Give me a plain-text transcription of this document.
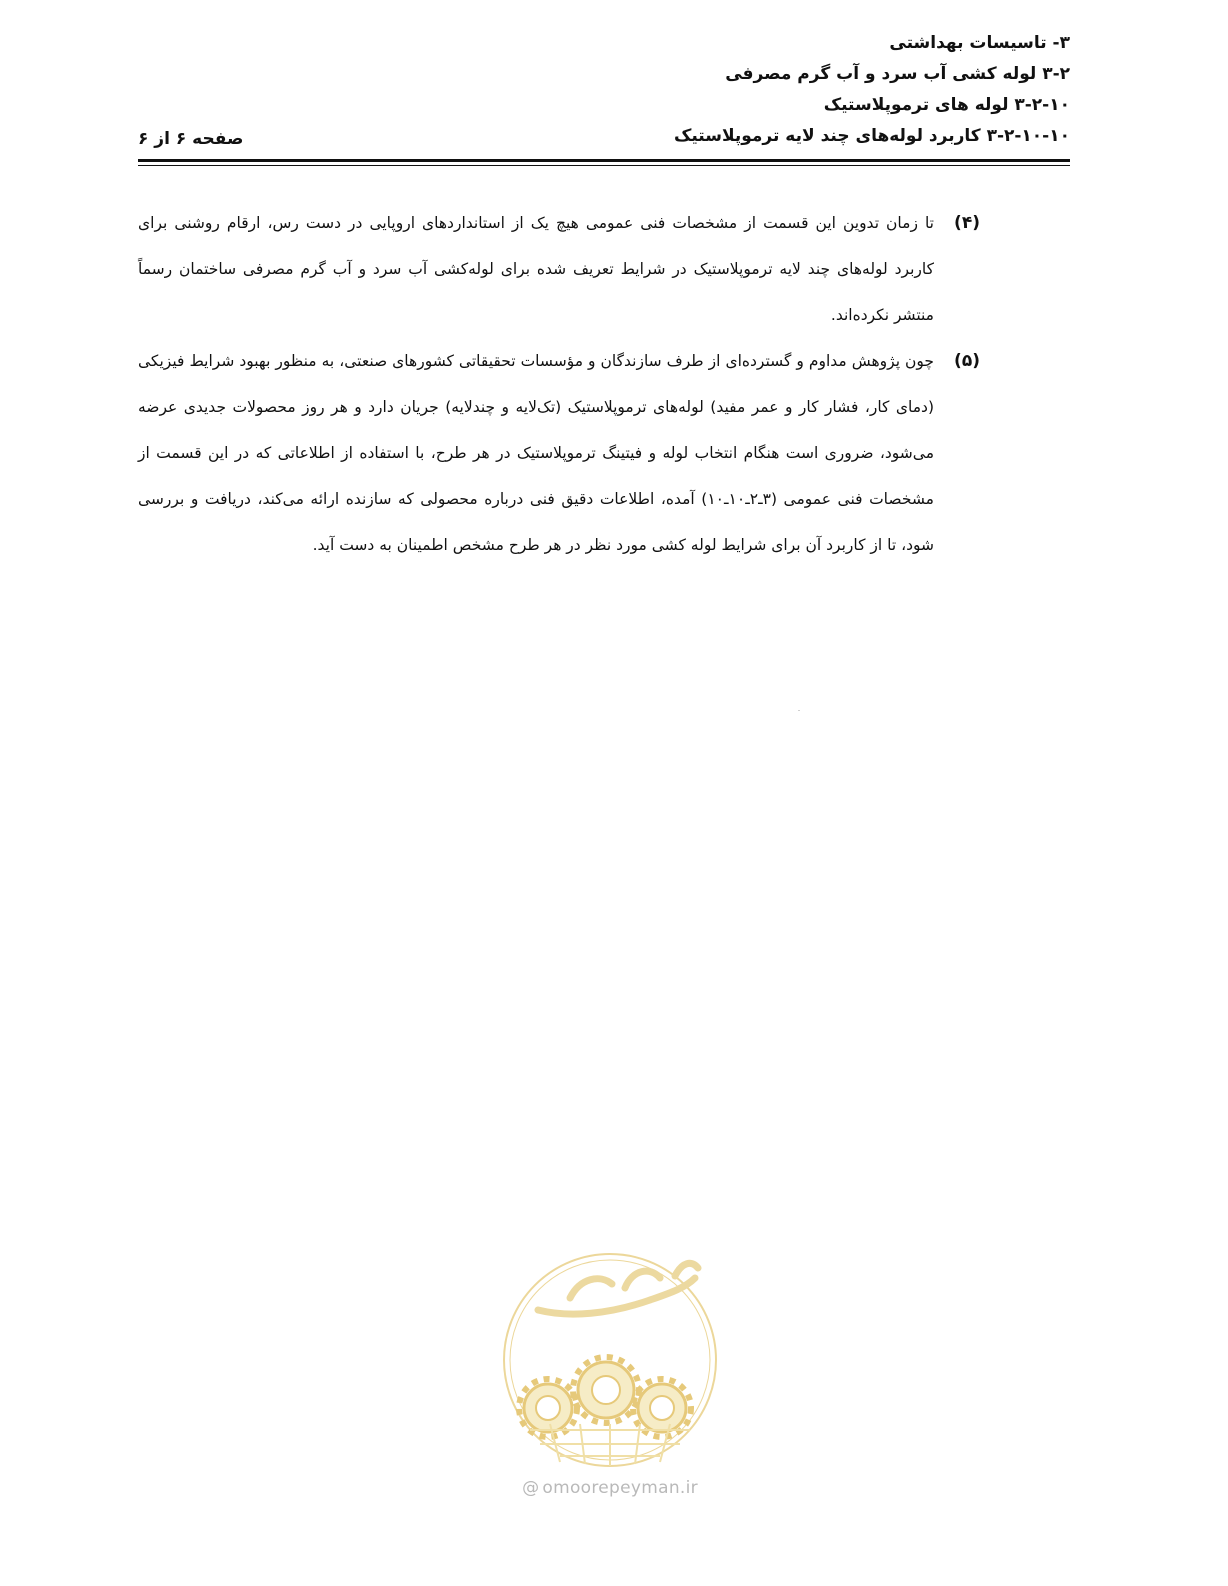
۳- تاسیسات بهداشتی
۳-۲ لوله کشی آب سرد و آب گرم مصرفی
۳-۲-۱۰ لوله های ترموپلاستیک
۳-۲-۱۰-۱۰ کاربرد لوله‌های چند لایه ترموپلاستیک
صفحه ۶ از ۶
(۴)
تا زمان تدوین این قسمت از مشخصات فنی عمومی هیچ یک از استانداردهای اروپایی در دست رس، ارقام روشنی برای کاربرد لوله‌های چند لایه ترموپلاستیک در شرایط تعریف شده برای لوله‌کشی آب سرد و آب گرم مصرفی ساختمان رسماً منتشر نکرده‌اند.
(۵)
چون پژوهش مداوم و گسترده‌ای از طرف سازندگان و مؤسسات تحقیقاتی کشورهای صنعتی، به منظور بهبود شرایط فیزیکی (دمای کار، فشار کار و عمر مفید) لوله‌های ترموپلاستیک (تک‌لایه و چندلایه) جریان دارد و هر روز محصولات جدیدی عرضه می‌شود، ضروری است هنگام انتخاب لوله و فیتینگ ترموپلاستیک در هر طرح، با استفاده از اطلاعاتی که در این قسمت از مشخصات فنی عمومی (۳ـ۲ـ۱۰ـ۱۰) آمده، اطلاعات دقیق فنی درباره محصولی که سازنده ارائه می‌کند، دریافت و بررسی شود، تا از کاربرد آن برای شرایط لوله کشی مورد نظر در هر طرح مشخص اطمینان به دست آید.
@ omoorepeyman.ir
